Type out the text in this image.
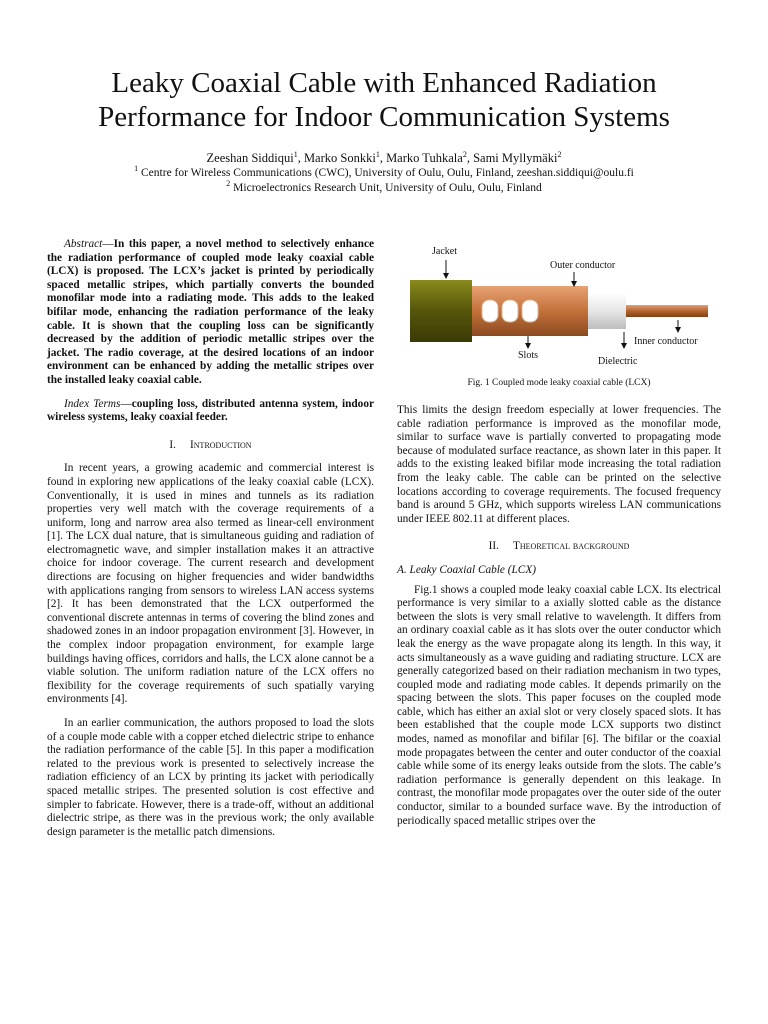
Leaky Coaxial Cable with Enhanced Radiation
Performance for Indoor Communication Systems
Zeeshan Siddiqui$^1$, Marko Sonkki$^1$, Marko Tuhkala$^2$, Sami Myllymäki$^2$
$^1$ Centre for Wireless Communications (CWC), University of Oulu, Oulu, Finland, zeeshan.siddiqui@oulu.fi
$^2$ Microelectronics Research Unit, University of Oulu, Oulu, Finland

Abstract—In this paper, a novel method to selectively enhance the radiation performance of coupled mode leaky coaxial cable (LCX) is proposed. The LCX’s jacket is printed by periodically spaced metallic stripes, which partially converts the bounded monofilar mode into a radiating mode. This adds to the leaked bifilar mode, enhancing the radiation performance of the leaky cable. It is shown that the coupling loss can be significantly decreased by the addition of periodic metallic stripes over the jacket. The radio coverage, at the desired locations of an indoor environment can be enhanced by adding the metallic stripes over the installed leaky coaxial cable.

Index Terms—coupling loss, distributed antenna system, indoor wireless systems, leaky coaxial feeder.

I. Introduction

In recent years, a growing academic and commercial interest is found in exploring new applications of the leaky coaxial cable (LCX). Conventionally, it is used in mines and tunnels as its radiation properties very well match with the coverage requirements of a uniform, long and narrow area also termed as linear-cell environment [1]. The LCX dual nature, that is simultaneous guiding and radiation of electromagnetic wave, and simpler installation makes it an attractive choice for indoor coverage. The current research and development directions are focusing on higher frequencies and wider bandwidths with applications ranging from sensors to wireless LAN access systems [2]. It has been demonstrated that the LCX outperformed the conventional discrete antennas in terms of covering the blind zones and shadowed zones in an indoor propagation environment [3]. However, in the complex indoor propagation environment, for example large buildings having offices, corridors and halls, the LCX alone cannot be a viable solution. The uniform radiation nature of the LCX offers no flexibility for the coverage requirements of such spatially varying environments [4].

In an earlier communication, the authors proposed to load the slots of a couple mode cable with a copper etched dielectric stripe to enhance the radiation performance of the cable [5]. In this paper a modification related to the previous work is presented to selectively increase the radiation efficiency of an LCX by printing its jacket with periodically spaced metallic stripes. The presented solution is cost effective and simpler to fabricate. However, there is a trade-off, without an additional dielectric stripe, as there was in the previous work; the only available design parameter is the metallic patch dimensions.

Jacket
Outer conductor
Slots
Dielectric
Inner conductor
Fig. 1 Coupled mode leaky coaxial cable (LCX)

This limits the design freedom especially at lower frequencies. The cable radiation performance is improved as the monofilar mode, similar to surface wave is partially converted to propagating mode because of modulated surface reactance, as shown later in this paper. It adds to the existing leaked bifilar mode increasing the total radiation from the leaky cable. The cable can be printed on the selective locations according to coverage requirements. The focused frequency band is around 5 GHz, which supports wireless LAN communications under IEEE 802.11 at different places.

II. Theoretical background
A. Leaky Coaxial Cable (LCX)

Fig.1 shows a coupled mode leaky coaxial cable LCX. Its electrical performance is very similar to a axially slotted cable as the distance between the slots is very small relative to wavelength. It differs from an ordinary coaxial cable as it has slots over the outer conductor which leak the energy as the wave propagate along its length. In this way, it acts simultaneously as a wave guiding and radiating structure. LCX are generally categorized based on their radiation mechanism in two types, coupled mode and radiating mode cables. It depends primarily on the spacing between the slots. This paper focuses on the coupled mode cable, which has either an axial slot or very closely spaced slots. It has been established that the couple mode LCX supports two distinct modes, named as monofilar and bifilar [6]. The bifilar or the coaxial mode propagates between the center and outer conductor of the coaxial cable while some of its energy leaks outside from the slots. The cable’s radiation performance is generally dependent on this leakage. In contrast, the monofilar mode propagates over the outer side of the outer conductor, similar to a bounded surface wave. By the introduction of periodically spaced metallic stripes over the
